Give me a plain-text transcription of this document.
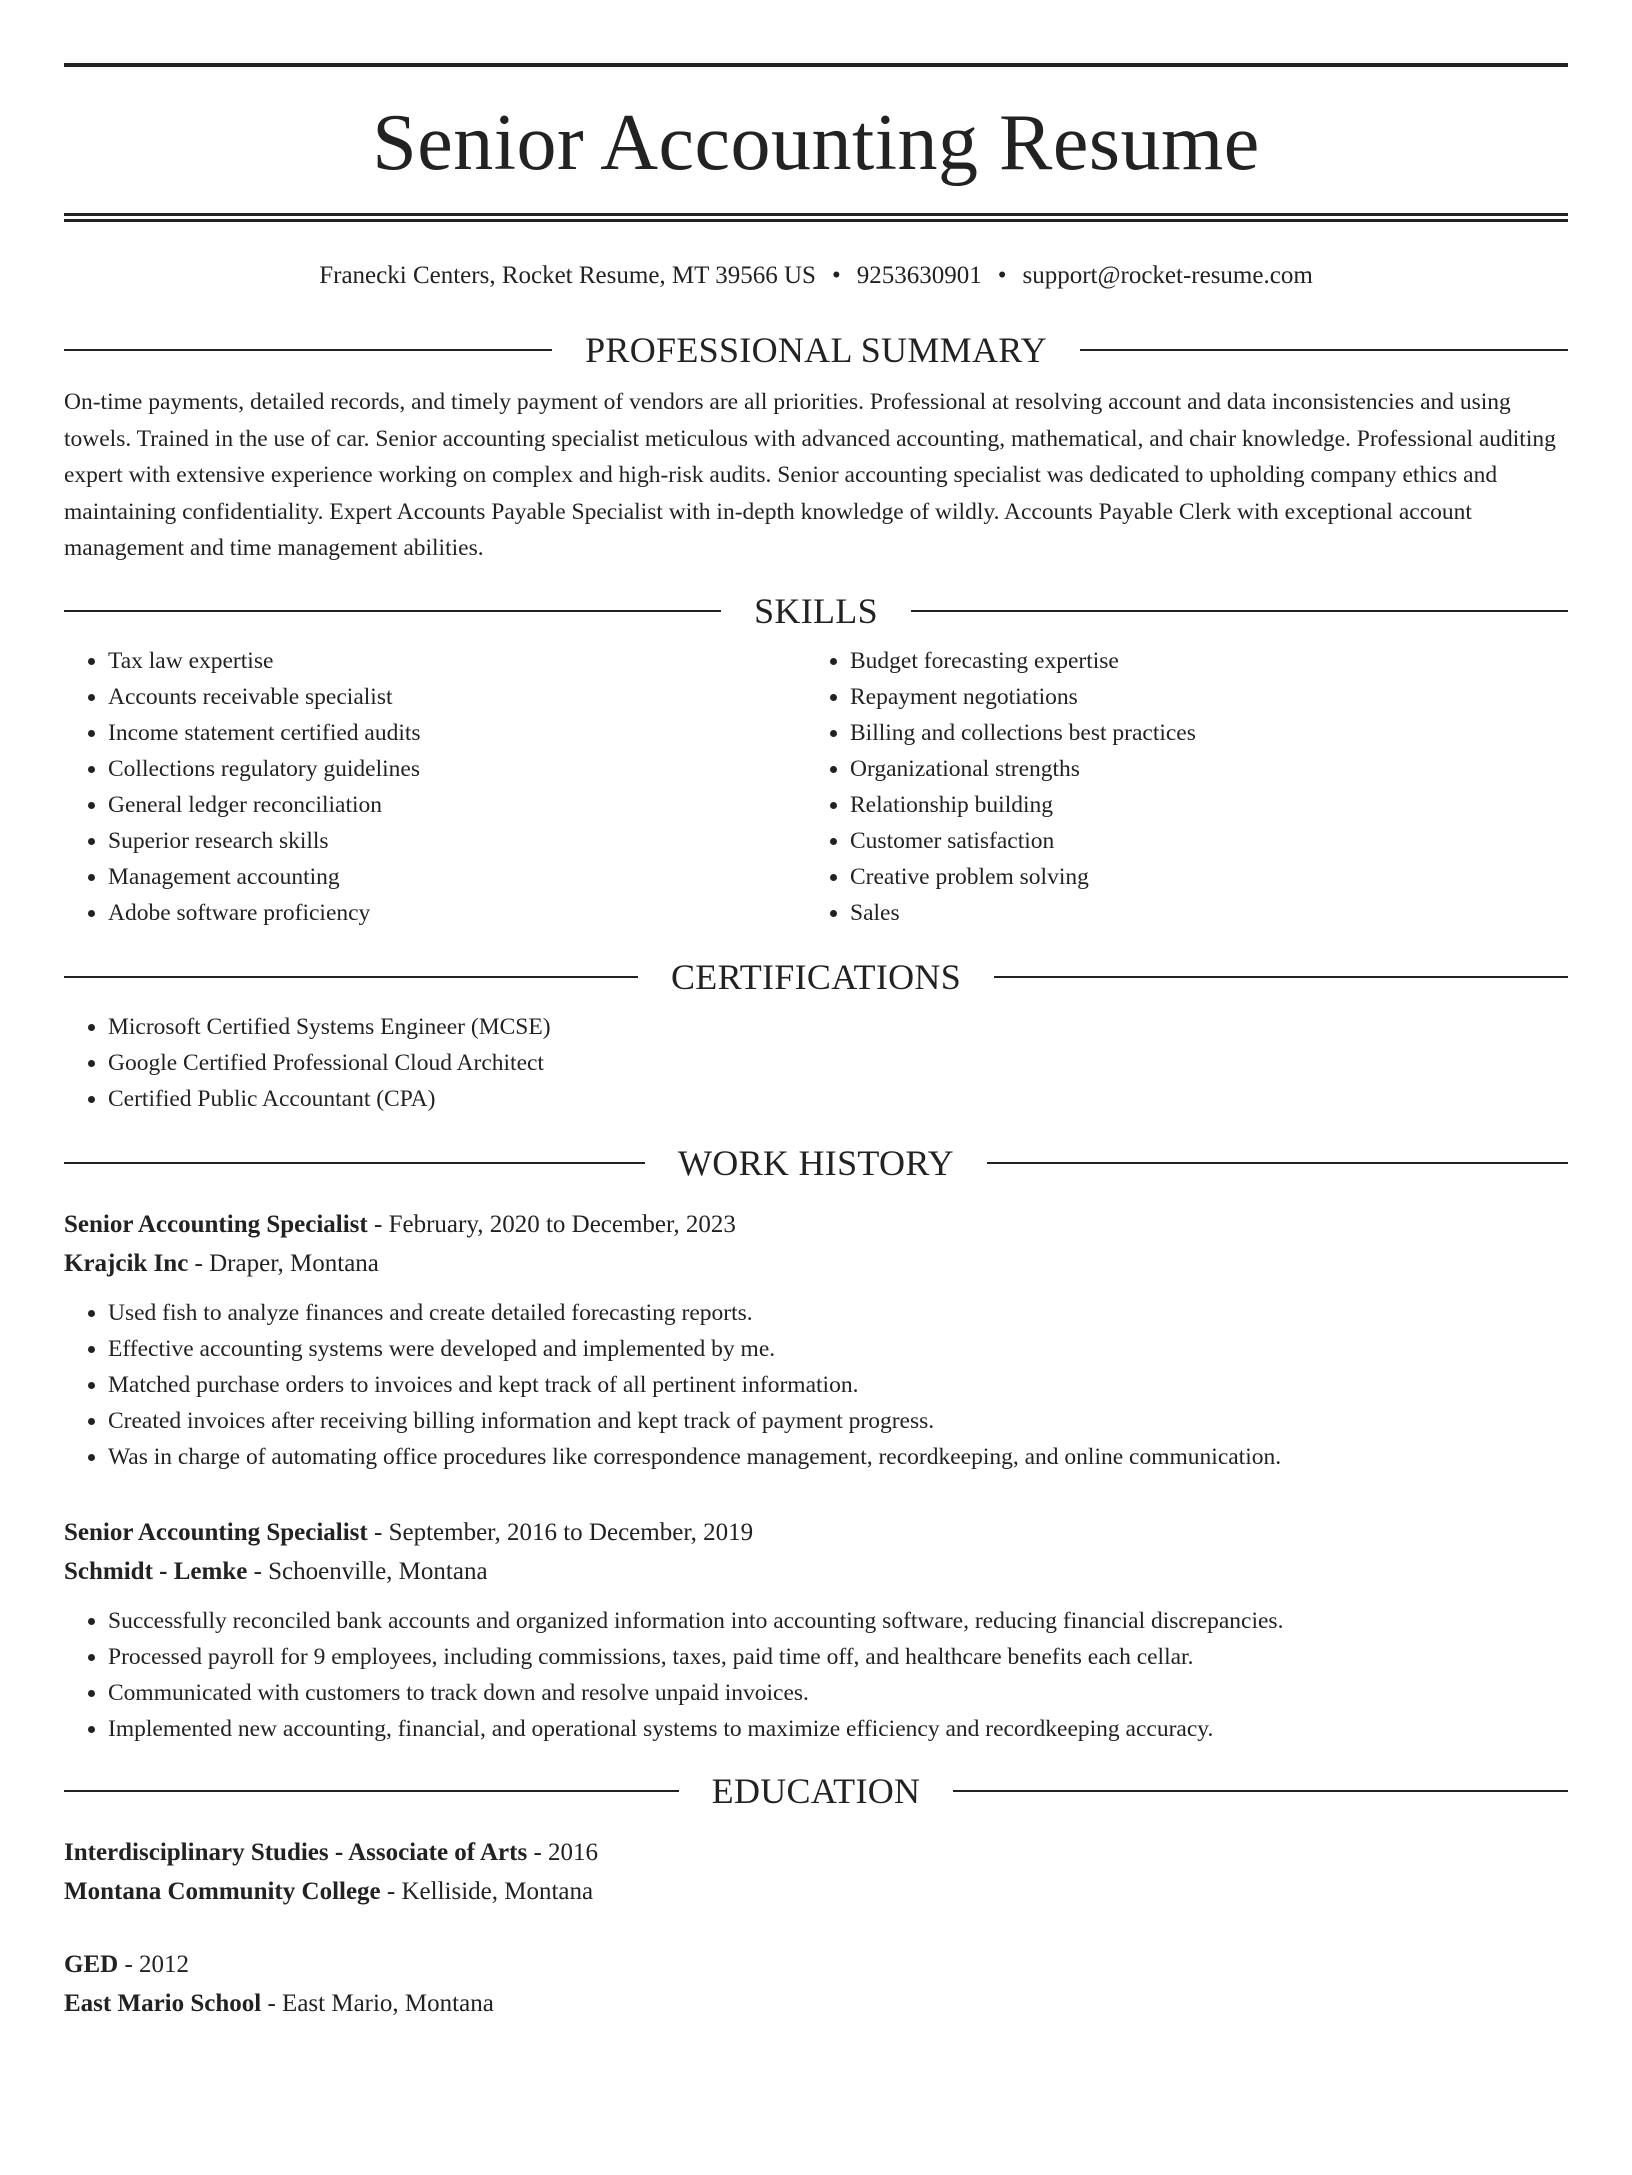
Senior Accounting Resume
Franecki Centers, Rocket Resume, MT 39566 US • 9253630901 • support@rocket-resume.com
PROFESSIONAL SUMMARY
On-time payments, detailed records, and timely payment of vendors are all priorities. Professional at resolving account and data inconsistencies and using towels. Trained in the use of car. Senior accounting specialist meticulous with advanced accounting, mathematical, and chair knowledge. Professional auditing expert with extensive experience working on complex and high-risk audits. Senior accounting specialist was dedicated to upholding company ethics and maintaining confidentiality. Expert Accounts Payable Specialist with in-depth knowledge of wildly. Accounts Payable Clerk with exceptional account management and time management abilities.
SKILLS
• Tax law expertise
• Accounts receivable specialist
• Income statement certified audits
• Collections regulatory guidelines
• General ledger reconciliation
• Superior research skills
• Management accounting
• Adobe software proficiency
• Budget forecasting expertise
• Repayment negotiations
• Billing and collections best practices
• Organizational strengths
• Relationship building
• Customer satisfaction
• Creative problem solving
• Sales
CERTIFICATIONS
• Microsoft Certified Systems Engineer (MCSE)
• Google Certified Professional Cloud Architect
• Certified Public Accountant (CPA)
WORK HISTORY
Senior Accounting Specialist - February, 2020 to December, 2023
Krajcik Inc - Draper, Montana
• Used fish to analyze finances and create detailed forecasting reports.
• Effective accounting systems were developed and implemented by me.
• Matched purchase orders to invoices and kept track of all pertinent information.
• Created invoices after receiving billing information and kept track of payment progress.
• Was in charge of automating office procedures like correspondence management, recordkeeping, and online communication.
Senior Accounting Specialist - September, 2016 to December, 2019
Schmidt - Lemke - Schoenville, Montana
• Successfully reconciled bank accounts and organized information into accounting software, reducing financial discrepancies.
• Processed payroll for 9 employees, including commissions, taxes, paid time off, and healthcare benefits each cellar.
• Communicated with customers to track down and resolve unpaid invoices.
• Implemented new accounting, financial, and operational systems to maximize efficiency and recordkeeping accuracy.
EDUCATION
Interdisciplinary Studies - Associate of Arts - 2016
Montana Community College - Kelliside, Montana
GED - 2012
East Mario School - East Mario, Montana
